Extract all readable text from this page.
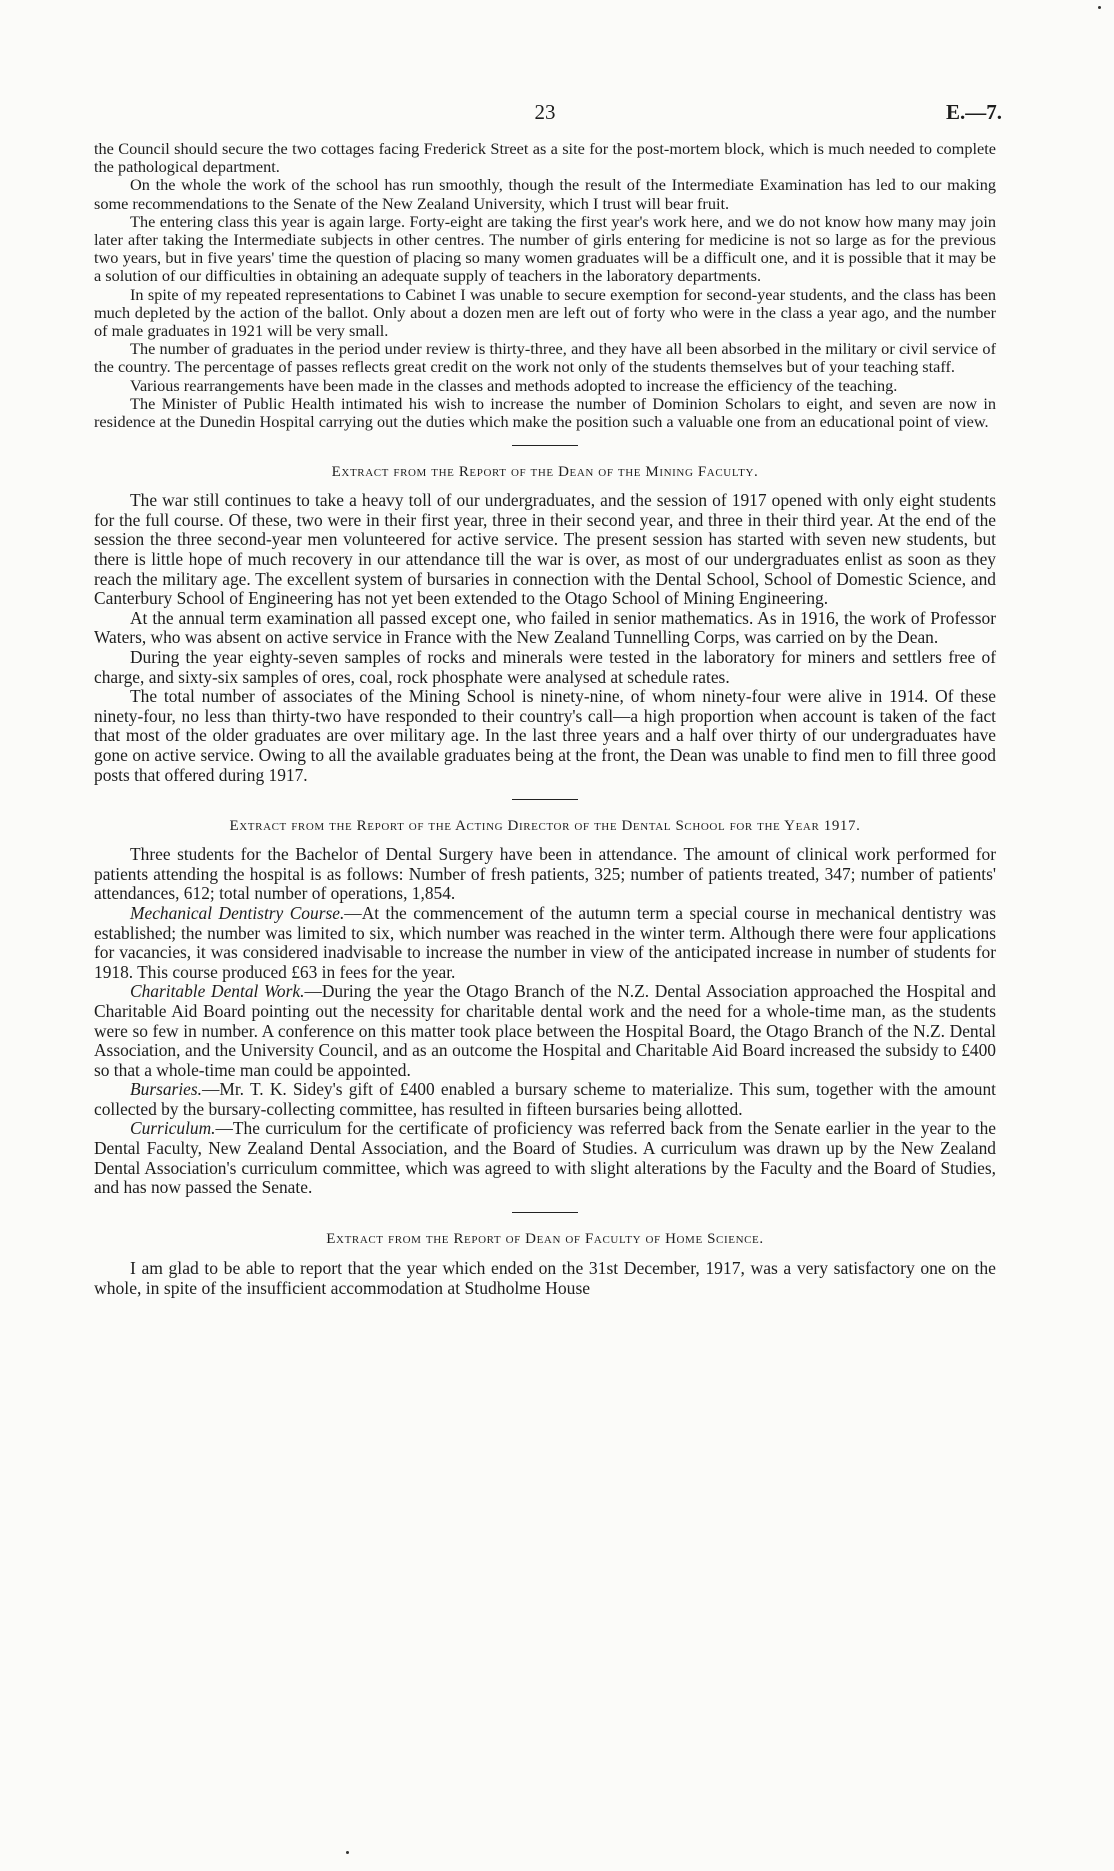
23	E.—7.

the Council should secure the two cottages facing Frederick Street as a site for the post-mortem block, which is much needed to complete the pathological department.

On the whole the work of the school has run smoothly, though the result of the Intermediate Examination has led to our making some recommendations to the Senate of the New Zealand University, which I trust will bear fruit.

The entering class this year is again large. Forty-eight are taking the first year's work here, and we do not know how many may join later after taking the Intermediate subjects in other centres. The number of girls entering for medicine is not so large as for the previous two years, but in five years' time the question of placing so many women graduates will be a difficult one, and it is possible that it may be a solution of our difficulties in obtaining an adequate supply of teachers in the laboratory departments.

In spite of my repeated representations to Cabinet I was unable to secure exemption for second-year students, and the class has been much depleted by the action of the ballot. Only about a dozen men are left out of forty who were in the class a year ago, and the number of male graduates in 1921 will be very small.

The number of graduates in the period under review is thirty-three, and they have all been absorbed in the military or civil service of the country. The percentage of passes reflects great credit on the work not only of the students themselves but of your teaching staff.

Various rearrangements have been made in the classes and methods adopted to increase the efficiency of the teaching.

The Minister of Public Health intimated his wish to increase the number of Dominion Scholars to eight, and seven are now in residence at the Dunedin Hospital carrying out the duties which make the position such a valuable one from an educational point of view.

Extract from the Report of the Dean of the Mining Faculty.

The war still continues to take a heavy toll of our undergraduates, and the session of 1917 opened with only eight students for the full course. Of these, two were in their first year, three in their second year, and three in their third year. At the end of the session the three second-year men volunteered for active service. The present session has started with seven new students, but there is little hope of much recovery in our attendance till the war is over, as most of our undergraduates enlist as soon as they reach the military age. The excellent system of bursaries in connection with the Dental School, School of Domestic Science, and Canterbury School of Engineering has not yet been extended to the Otago School of Mining Engineering.

At the annual term examination all passed except one, who failed in senior mathematics. As in 1916, the work of Professor Waters, who was absent on active service in France with the New Zealand Tunnelling Corps, was carried on by the Dean.

During the year eighty-seven samples of rocks and minerals were tested in the laboratory for miners and settlers free of charge, and sixty-six samples of ores, coal, rock phosphate were analysed at schedule rates.

The total number of associates of the Mining School is ninety-nine, of whom ninety-four were alive in 1914. Of these ninety-four, no less than thirty-two have responded to their country's call—a high proportion when account is taken of the fact that most of the older graduates are over military age. In the last three years and a half over thirty of our undergraduates have gone on active service. Owing to all the available graduates being at the front, the Dean was unable to find men to fill three good posts that offered during 1917.

Extract from the Report of the Acting Director of the Dental School for the Year 1917.

Three students for the Bachelor of Dental Surgery have been in attendance. The amount of clinical work performed for patients attending the hospital is as follows: Number of fresh patients, 325; number of patients treated, 347; number of patients' attendances, 612; total number of operations, 1,854.

Mechanical Dentistry Course.—At the commencement of the autumn term a special course in mechanical dentistry was established; the number was limited to six, which number was reached in the winter term. Although there were four applications for vacancies, it was considered inadvisable to increase the number in view of the anticipated increase in number of students for 1918. This course produced £63 in fees for the year.

Charitable Dental Work.—During the year the Otago Branch of the N.Z. Dental Association approached the Hospital and Charitable Aid Board pointing out the necessity for charitable dental work and the need for a whole-time man, as the students were so few in number. A conference on this matter took place between the Hospital Board, the Otago Branch of the N.Z. Dental Association, and the University Council, and as an outcome the Hospital and Charitable Aid Board increased the subsidy to £400 so that a whole-time man could be appointed.

Bursaries.—Mr. T. K. Sidey's gift of £400 enabled a bursary scheme to materialize. This sum, together with the amount collected by the bursary-collecting committee, has resulted in fifteen bursaries being allotted.

Curriculum.—The curriculum for the certificate of proficiency was referred back from the Senate earlier in the year to the Dental Faculty, New Zealand Dental Association, and the Board of Studies. A curriculum was drawn up by the New Zealand Dental Association's curriculum committee, which was agreed to with slight alterations by the Faculty and the Board of Studies, and has now passed the Senate.

Extract from the Report of Dean of Faculty of Home Science.

I am glad to be able to report that the year which ended on the 31st December, 1917, was a very satisfactory one on the whole, in spite of the insufficient accommodation at Studholme House
